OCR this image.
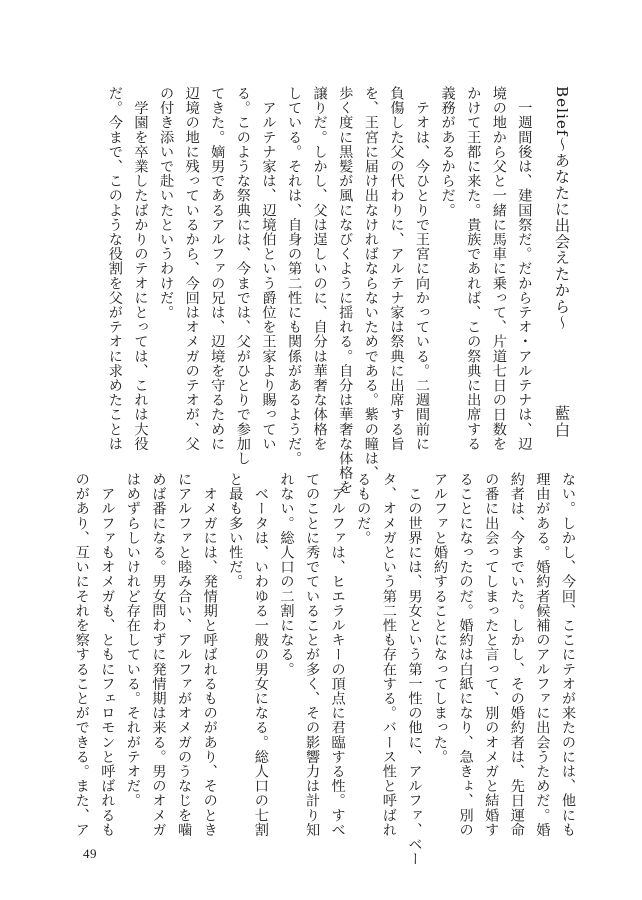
Belief～あなたに出会えたから～藍白

　一週間後は、建国祭だ。だからテオ・アルテナは、辺

境の地から父と一緒に馬車に乗って、片道七日の日数を

かけて王都に来た。貴族であれば、この祭典に出席する

義務があるからだ。

　テオは、今ひとりで王宮に向かっている。二週間前に

負傷した父の代わりに、アルテナ家は祭典に出席する旨

を、王宮に届け出なければならないためである。紫の瞳は、

歩く度に黒髪が風になびくように揺れる。自分は華奢な体格を

譲りだ。しかし、父は逞しいのに、自分は華奢な体格を

している。それは、自身の第二性にも関係があるようだ。

　アルテナ家は、辺境伯という爵位を王家より賜ってい

る。このような祭典には、今までは、父がひとりで参加し

てきた。嫡男であるアルファの兄は、辺境を守るために

辺境の地に残っているから、今回はオメガのテオが、父

の付き添いで赴いたというわけだ。

　学園を卒業したばかりのテオにとっては、これは大役

だ。今まで、このような役割を父がテオに求めたことは

ない。しかし、今回、ここにテオが来たのには、他にも

理由がある。婚約者候補のアルファに出会うためだ。婚

約者は、今までいた。しかし、その婚約者は、先日運命

の番に出会ってしまったと言って、別のオメガと結婚す

ることになったのだ。婚約は白紙になり、急きょ、別の

アルファと婚約することになってしまった。

　この世界には、男女という第一性の他に、アルファ、ベー

タ、オメガという第二性も存在する。バース性と呼ばれ

るものだ。

　アルファは、ヒエラルキーの頂点に君臨する性。すべ

てのことに秀でていることが多く、その影響力は計り知

れない。総人口の二割になる。

　ベータは、いわゆる一般の男女になる。総人口の七割

と最も多い性だ。

　オメガには、発情期と呼ばれるものがあり、そのとき

にアルファと睦み合い、アルファがオメガのうなじを噛

めば番になる。男女問わずに発情期は来る。男のオメガ

はめずらしいけれど存在している。それがテオだ。

　アルファもオメガも、ともにフェロモンと呼ばれるも

のがあり、互いにそれを察することができる。また、ア

49
